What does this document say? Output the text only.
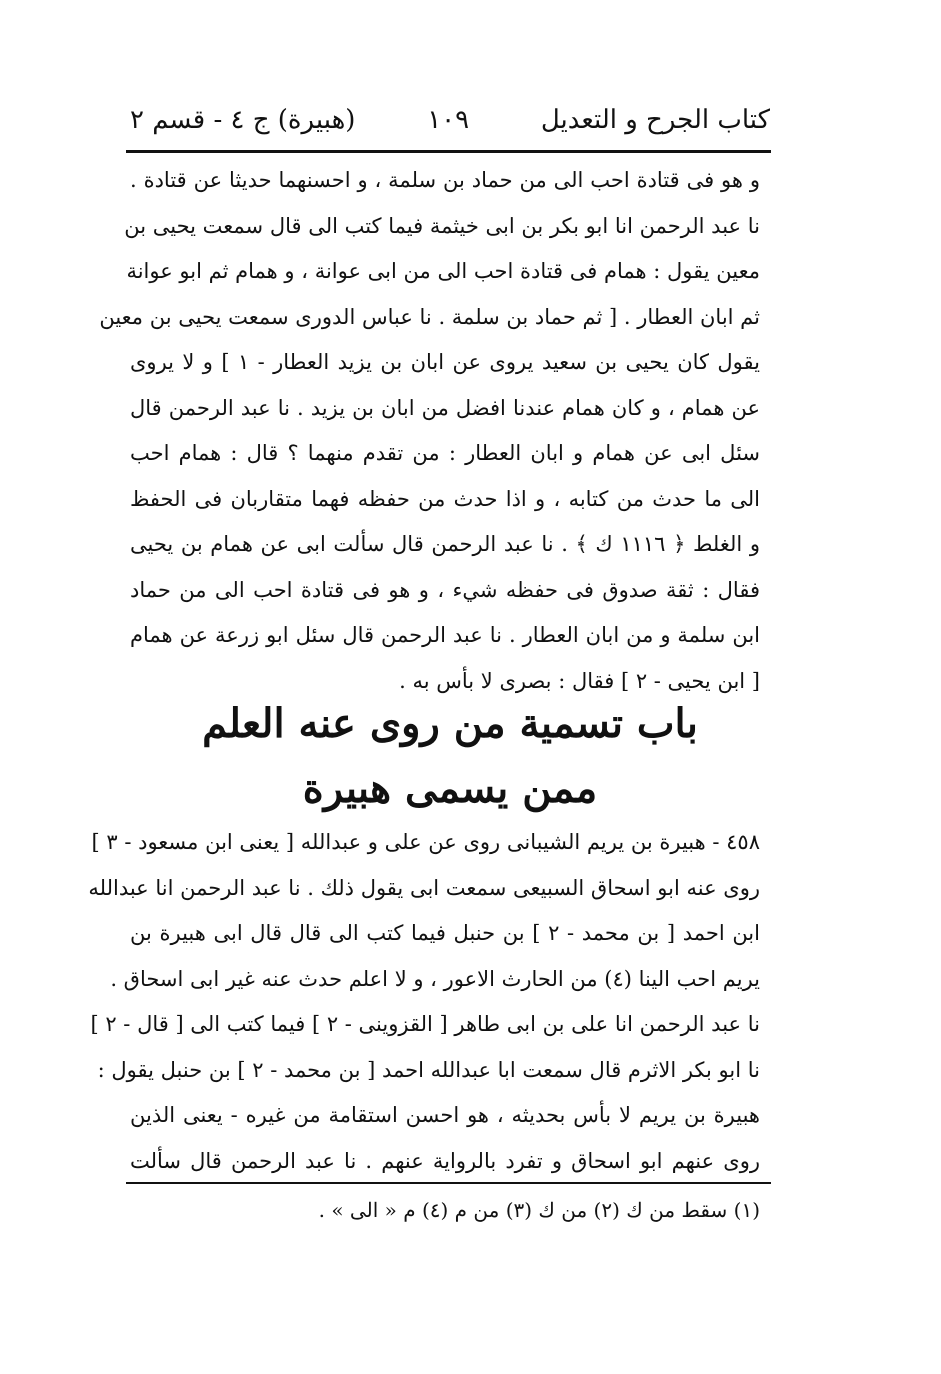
كتاب الجرح و التعديل
١٠٩
(هبيرة) ج ٤ - قسم ٢
و هو فى قتادة احب الى من حماد بن سلمة ، و احسنهما حديثا عن قتادة .
نا عبد الرحمن انا ابو بكر بن ابى خيثمة فيما كتب الى قال سمعت يحيى بن
معين يقول : همام فى قتادة احب الى من ابى عوانة ، و همام ثم ابو عوانة
ثم ابان العطار . [ ثم حماد بن سلمة . نا عباس الدورى سمعت يحيى بن معين
يقول كان يحيى بن سعيد يروى عن ابان بن يزيد العطار - ١ ] و لا يروى
عن همام ، و كان همام عندنا افضل من ابان بن يزيد . نا عبد الرحمن قال
سئل ابى عن همام و ابان العطار : من تقدم منهما ؟ قال : همام احب
الى ما حدث من كتابه ، و اذا حدث من حفظه فهما متقاربان فى الحفظ
و الغلط ﴿ ١١١٦ ك ﴾ . نا عبد الرحمن قال سألت ابى عن همام بن يحيى
فقال : ثقة صدوق فى حفظه شيء ، و هو فى قتادة احب الى من حماد
ابن سلمة و من ابان العطار . نا عبد الرحمن قال سئل ابو زرعة عن همام
[ ابن يحيى - ٢ ] فقال : بصرى لا بأس به .
باب تسمية من روى عنه العلم
ممن يسمى هبيرة
٤٥٨ - هبيرة بن يريم الشيبانى روى عن على و عبدالله [ يعنى ابن مسعود - ٣ ]
روى عنه ابو اسحاق السبيعى سمعت ابى يقول ذلك . نا عبد الرحمن انا عبدالله
ابن احمد [ بن محمد - ٢ ] بن حنبل فيما كتب الى قال قال ابى هبيرة بن
يريم احب الينا (٤) من الحارث الاعور ، و لا اعلم حدث عنه غير ابى اسحاق .
نا عبد الرحمن انا على بن ابى طاهر [ القزوينى - ٢ ] فيما كتب الى [ قال - ٢ ]
نا ابو بكر الاثرم قال سمعت ابا عبدالله احمد [ بن محمد - ٢ ] بن حنبل يقول :
هبيرة بن يريم لا بأس بحديثه ، هو احسن استقامة من غيره - يعنى الذين
روى عنهم ابو اسحاق و تفرد بالرواية عنهم . نا عبد الرحمن قال سألت
(١) سقط من ك (٢) من ك (٣) من م (٤) م « الى » .
